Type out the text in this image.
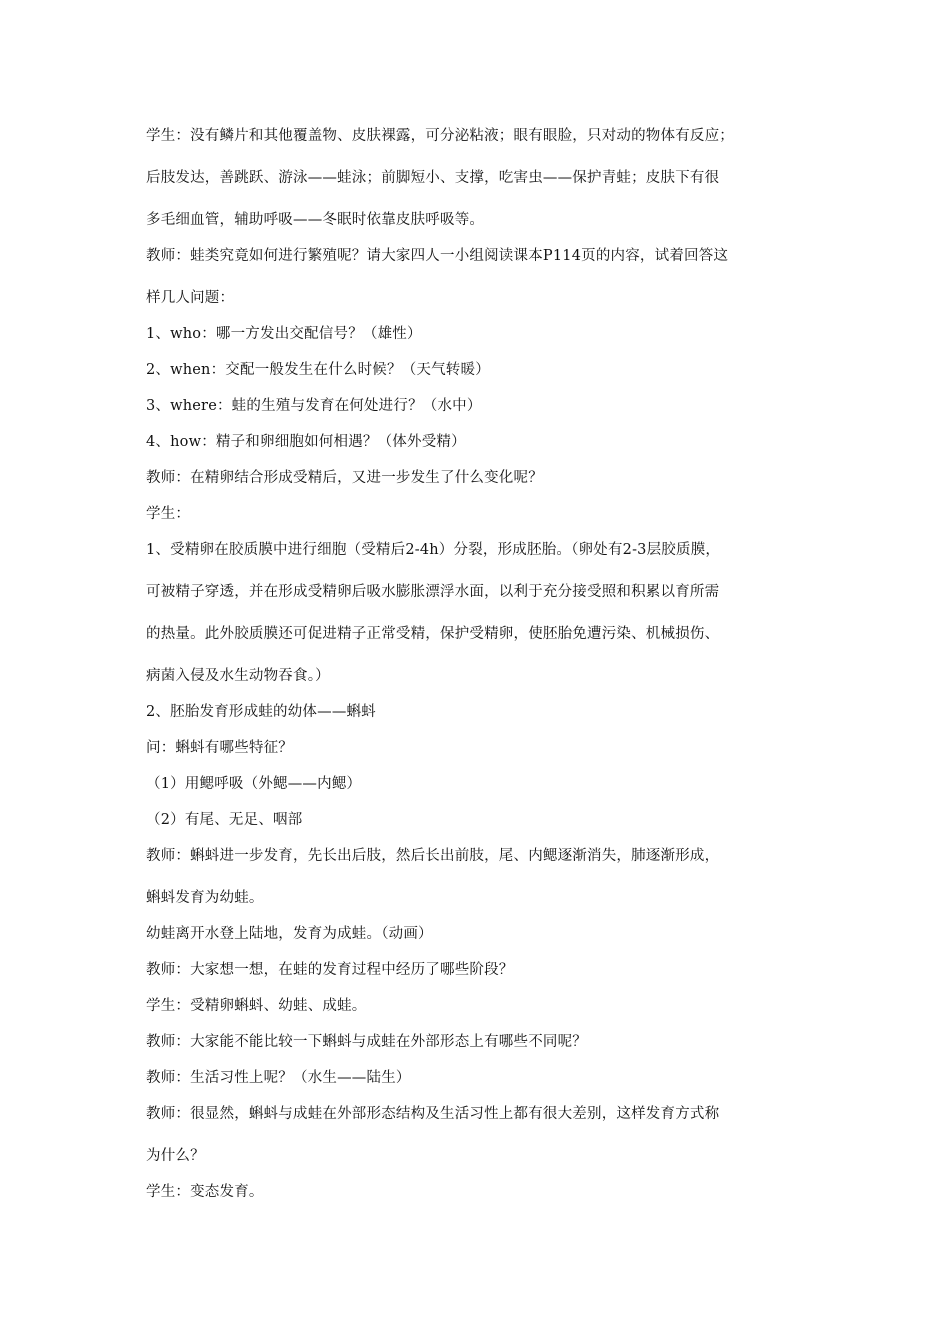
学生：没有鳞片和其他覆盖物、皮肤裸露，可分泌粘液；眼有眼脸，只对动的物体有反应；
后肢发达，善跳跃、游泳——蛙泳；前脚短小、支撑，吃害虫——保护青蛙；皮肤下有很
多毛细血管，辅助呼吸——冬眠时依靠皮肤呼吸等。
教师：蛙类究竟如何进行繁殖呢？请大家四人一小组阅读课本P114页的内容，试着回答这
样几人问题：
1、who：哪一方发出交配信号？（雄性）
2、when：交配一般发生在什么时候？（天气转暖）
3、where：蛙的生殖与发育在何处进行？（水中）
4、how：精子和卵细胞如何相遇？（体外受精）
教师：在精卵结合形成受精后，又进一步发生了什么变化呢？
学生：
1、受精卵在胶质膜中进行细胞（受精后2-4h）分裂，形成胚胎。（卵处有2-3层胶质膜，
可被精子穿透，并在形成受精卵后吸水膨胀漂浮水面，以利于充分接受照和积累以育所需
的热量。此外胶质膜还可促进精子正常受精，保护受精卵，使胚胎免遭污染、机械损伤、
病菌入侵及水生动物吞食。）
2、胚胎发育形成蛙的幼体——蝌蚪
问：蝌蚪有哪些特征？
（1）用鳃呼吸（外鳃——内鳃）
（2）有尾、无足、咽部
教师：蝌蚪进一步发育，先长出后肢，然后长出前肢，尾、内鳃逐渐消失，肺逐渐形成，
蝌蚪发育为幼蛙。
幼蛙离开水登上陆地，发育为成蛙。（动画）
教师：大家想一想，在蛙的发育过程中经历了哪些阶段？
学生：受精卵蝌蚪、幼蛙、成蛙。
教师：大家能不能比较一下蝌蚪与成蛙在外部形态上有哪些不同呢？
教师：生活习性上呢？（水生——陆生）
教师：很显然，蝌蚪与成蛙在外部形态结构及生活习性上都有很大差别，这样发育方式称
为什么？
学生：变态发育。
